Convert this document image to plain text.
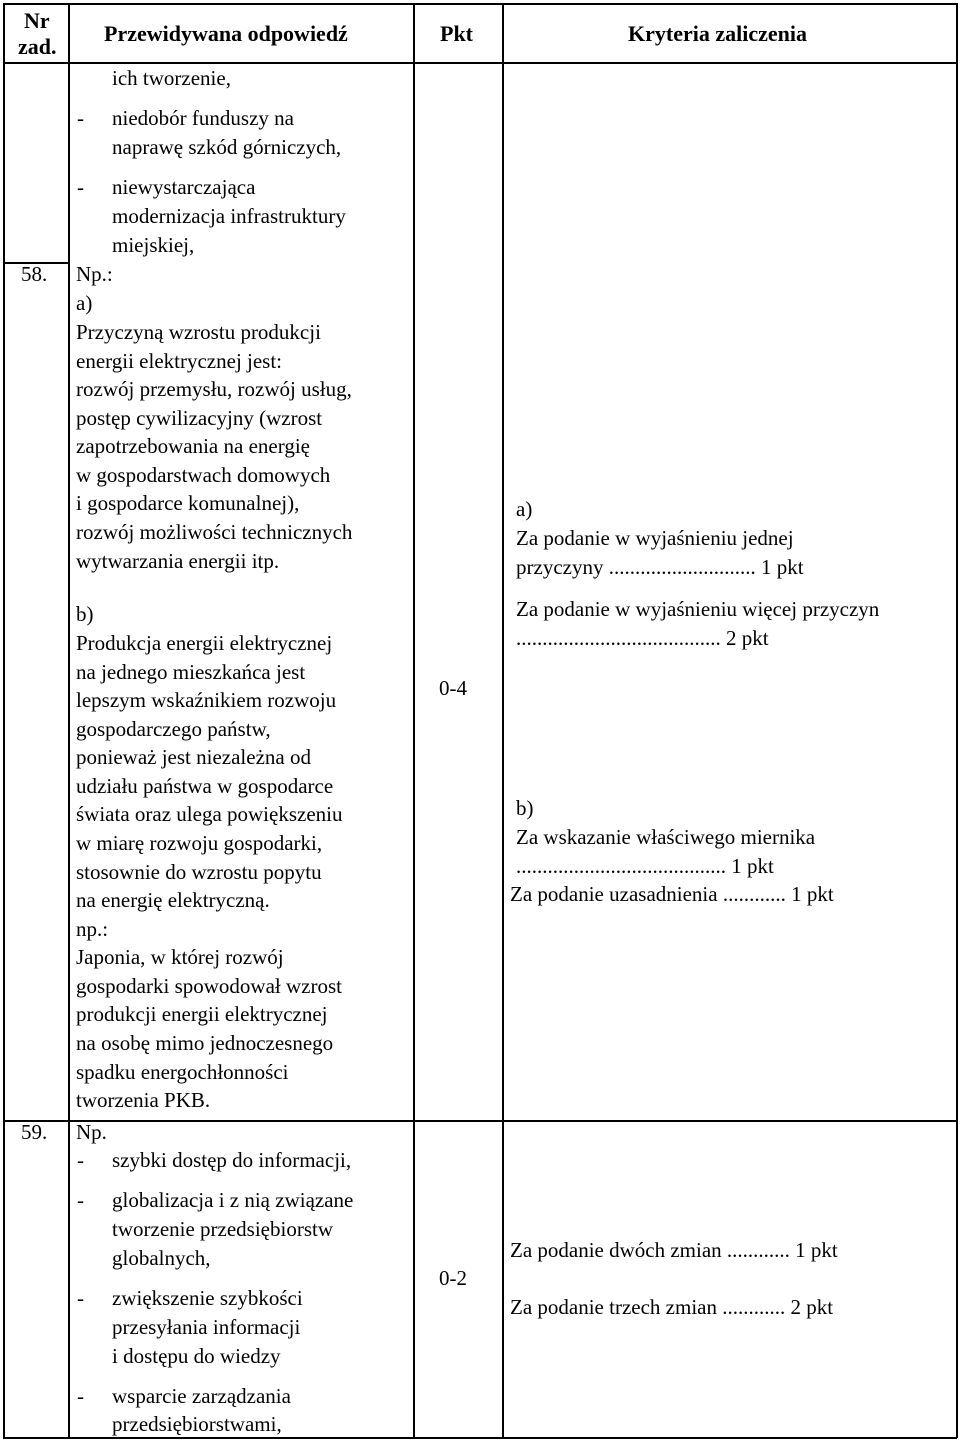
Nr
zad.
Przewidywana odpowiedź	Pkt	Kryteria zaliczenia
ich tworzenie,
- niedobór funduszy na
naprawę szkód górniczych,
- niewystarczająca
modernizacja infrastruktury
miejskiej,
58. Np.:
a)
Przyczyną wzrostu produkcji
energii elektrycznej jest:
rozwój przemysłu, rozwój usług,
postęp cywilizacyjny (wzrost
zapotrzebowania na energię
w gospodarstwach domowych
i gospodarce komunalnej),
rozwój możliwości technicznych
wytwarzania energii itp.
b)
Produkcja energii elektrycznej
na jednego mieszkańca jest
lepszym wskaźnikiem rozwoju
gospodarczego państw,
ponieważ jest niezależna od
udziału państwa w gospodarce
świata oraz ulega powiększeniu
w miarę rozwoju gospodarki,
stosownie do wzrostu popytu
na energię elektryczną.
np.:
Japonia, w której rozwój
gospodarki spowodował wzrost
produkcji energii elektrycznej
na osobę mimo jednoczesnego
spadku energochłonności
tworzenia PKB.
0-4
a)
Za podanie w wyjaśnieniu jednej
przyczyny ............................ 1 pkt
Za podanie w wyjaśnieniu więcej przyczyn
....................................... 2 pkt
b)
Za wskazanie właściwego miernika
........................................ 1 pkt
Za podanie uzasadnienia ............ 1 pkt
59. Np.
- szybki dostęp do informacji,
- globalizacja i z nią związane
tworzenie przedsiębiorstw
globalnych,
- zwiększenie szybkości
przesyłania informacji
i dostępu do wiedzy
- wsparcie zarządzania
przedsiębiorstwami,
0-2
Za podanie dwóch zmian ............ 1 pkt
Za podanie trzech zmian ............ 2 pkt
